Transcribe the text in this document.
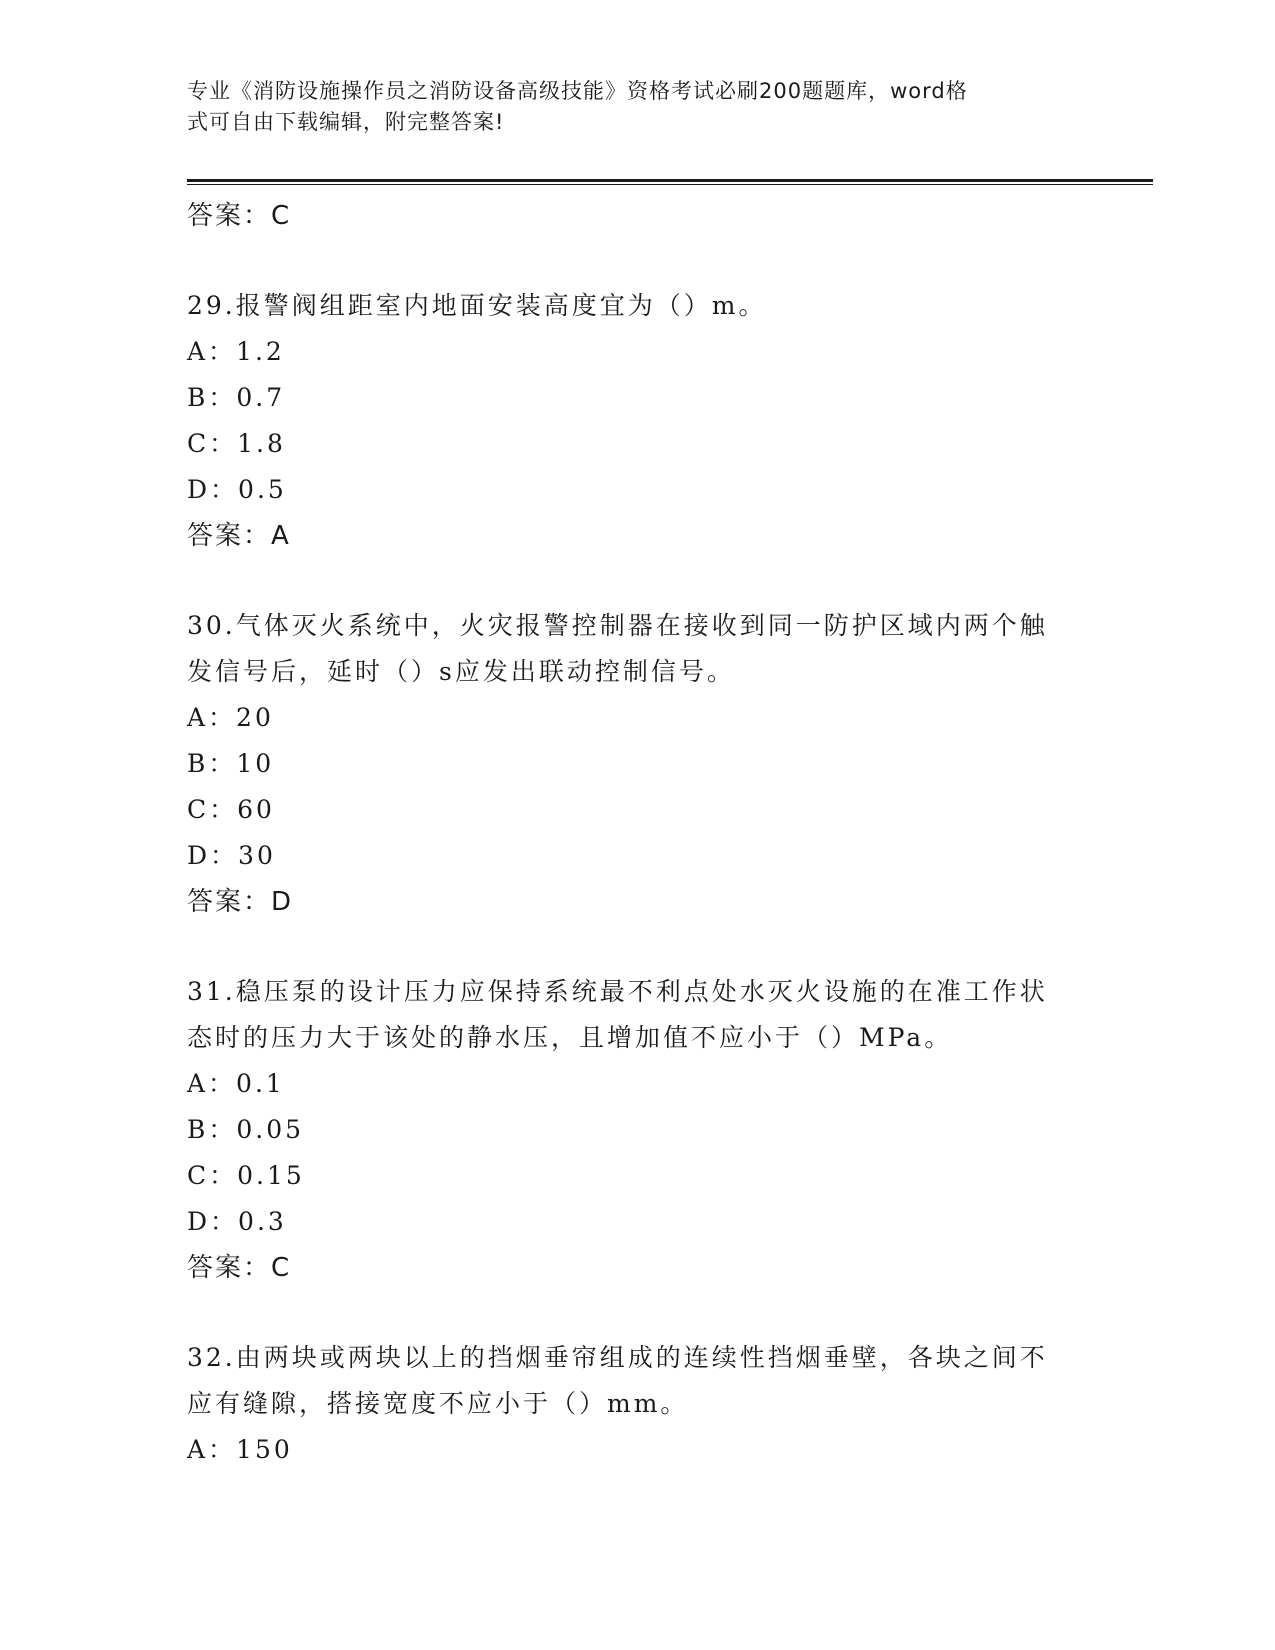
专业《消防设施操作员之消防设备高级技能》资格考试必刷200题题库，word格
式可自由下载编辑，附完整答案!
答案：C
29.报警阀组距室内地面安装高度宜为（）m。
A：1.2
B：0.7
C：1.8
D：0.5
答案：A
30.气体灭火系统中，火灾报警控制器在接收到同一防护区域内两个触
发信号后，延时（）s应发出联动控制信号。
A：20
B：10
C：60
D：30
答案：D
31.稳压泵的设计压力应保持系统最不利点处水灭火设施的在准工作状
态时的压力大于该处的静水压，且增加值不应小于（）MPa。
A：0.1
B：0.05
C：0.15
D：0.3
答案：C
32.由两块或两块以上的挡烟垂帘组成的连续性挡烟垂壁，各块之间不
应有缝隙，搭接宽度不应小于（）mm。
A：150
